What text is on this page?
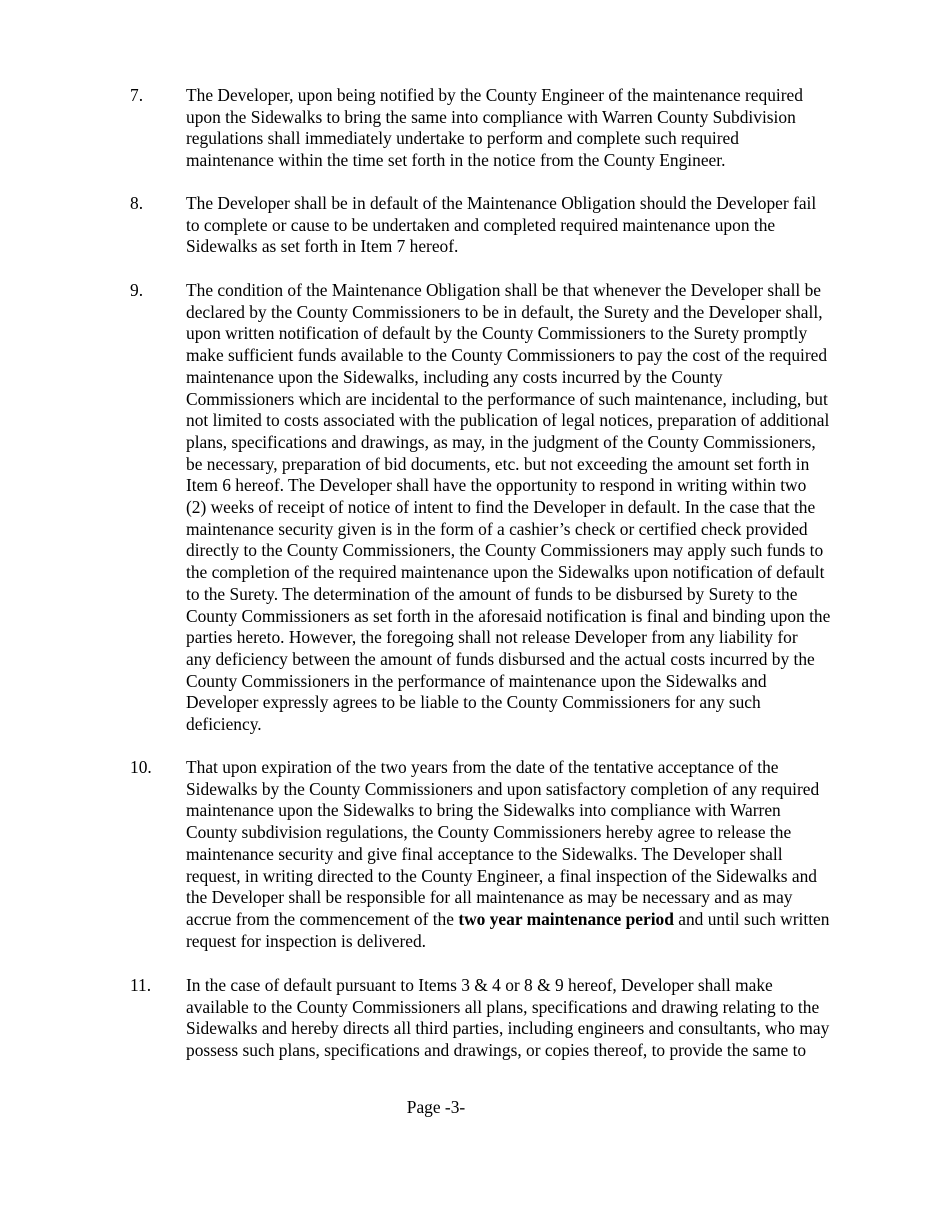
7.	The Developer, upon being notified by the County Engineer of the maintenance required
upon the Sidewalks to bring the same into compliance with Warren County Subdivision
regulations shall immediately undertake to perform and complete such required
maintenance within the time set forth in the notice from the County Engineer.
8.	The Developer shall be in default of the Maintenance Obligation should the Developer fail
to complete or cause to be undertaken and completed required maintenance upon the
Sidewalks as set forth in Item 7 hereof.
9.	The condition of the Maintenance Obligation shall be that whenever the Developer shall be
declared by the County Commissioners to be in default, the Surety and the Developer shall,
upon written notification of default by the County Commissioners to the Surety promptly
make sufficient funds available to the County Commissioners to pay the cost of the required
maintenance upon the Sidewalks, including any costs incurred by the County
Commissioners which are incidental to the performance of such maintenance, including, but
not limited to costs associated with the publication of legal notices, preparation of additional
plans, specifications and drawings, as may, in the judgment of the County Commissioners,
be necessary, preparation of bid documents, etc. but not exceeding the amount set forth in
Item 6 hereof. The Developer shall have the opportunity to respond in writing within two
(2) weeks of receipt of notice of intent to find the Developer in default. In the case that the
maintenance security given is in the form of a cashier’s check or certified check provided
directly to the County Commissioners, the County Commissioners may apply such funds to
the completion of the required maintenance upon the Sidewalks upon notification of default
to the Surety. The determination of the amount of funds to be disbursed by Surety to the
County Commissioners as set forth in the aforesaid notification is final and binding upon the
parties hereto. However, the foregoing shall not release Developer from any liability for
any deficiency between the amount of funds disbursed and the actual costs incurred by the
County Commissioners in the performance of maintenance upon the Sidewalks and
Developer expressly agrees to be liable to the County Commissioners for any such
deficiency.
10.	That upon expiration of the two years from the date of the tentative acceptance of the
Sidewalks by the County Commissioners and upon satisfactory completion of any required
maintenance upon the Sidewalks to bring the Sidewalks into compliance with Warren
County subdivision regulations, the County Commissioners hereby agree to release the
maintenance security and give final acceptance to the Sidewalks. The Developer shall
request, in writing directed to the County Engineer, a final inspection of the Sidewalks and
the Developer shall be responsible for all maintenance as may be necessary and as may
accrue from the commencement of the two year maintenance period and until such written
request for inspection is delivered.
11.	In the case of default pursuant to Items 3 & 4 or 8 & 9 hereof, Developer shall make
available to the County Commissioners all plans, specifications and drawing relating to the
Sidewalks and hereby directs all third parties, including engineers and consultants, who may
possess such plans, specifications and drawings, or copies thereof, to provide the same to
Page -3-
